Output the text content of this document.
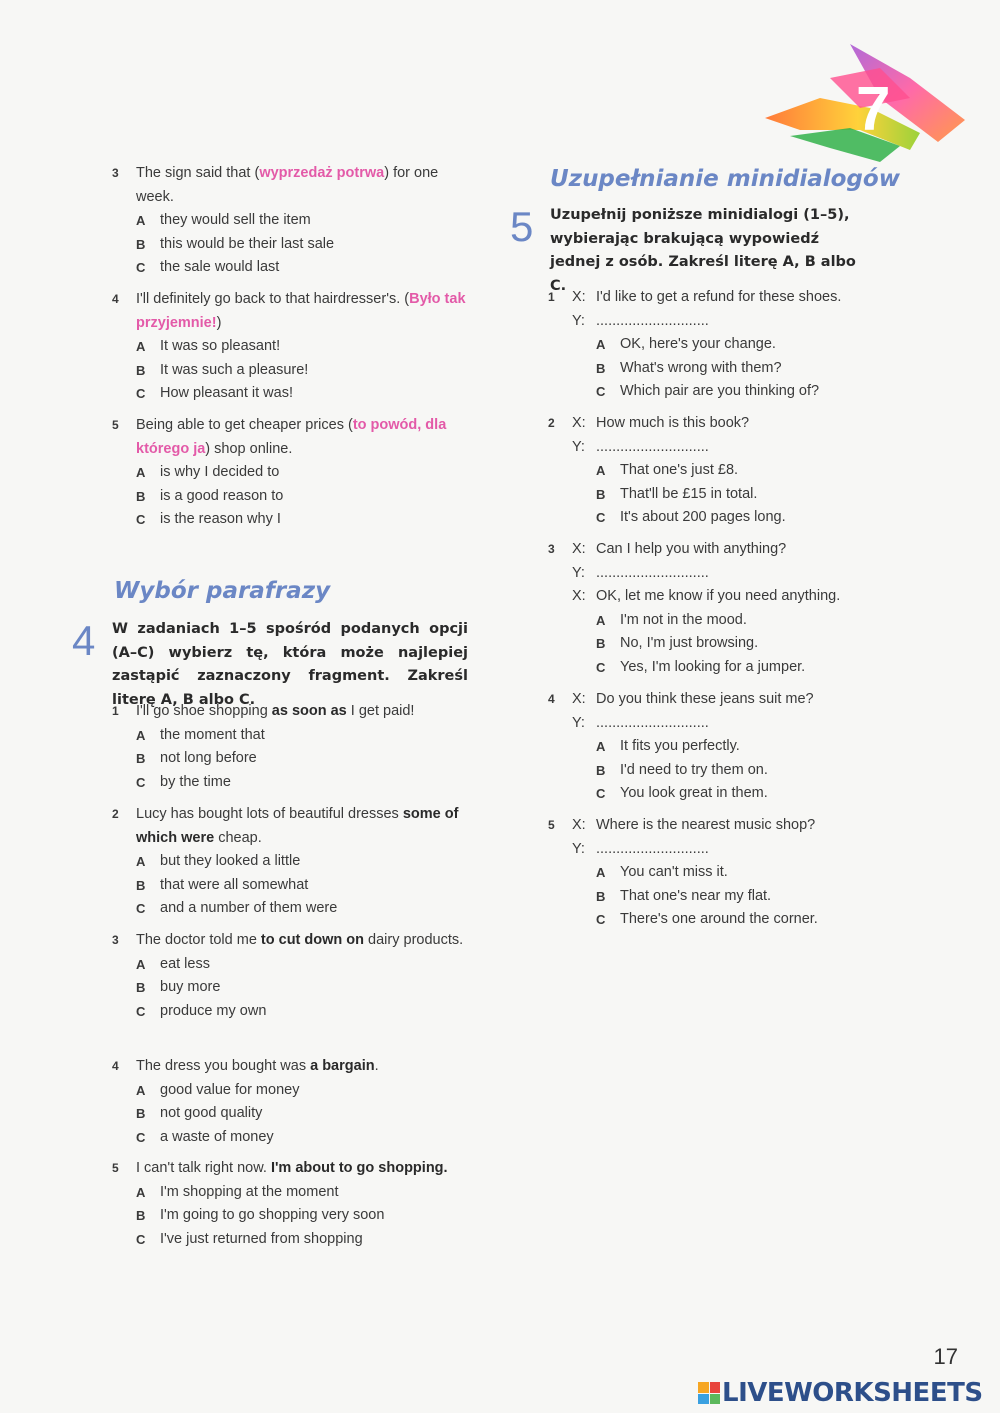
7
3	The sign said that (wyprzedaż potrwa) for one week.
A	they would sell the item
B	this would be their last sale
C	the sale would last
4	I'll definitely go back to that hairdresser's. (Było tak przyjemnie!)
A	It was so pleasant!
B	It was such a pleasure!
C	How pleasant it was!
5	Being able to get cheaper prices (to powód, dla którego ja) shop online.
A	is why I decided to
B	is a good reason to
C	is the reason why I
Wybór parafrazy
4 W zadaniach 1–5 spośród podanych opcji (A–C) wybierz tę, która może najlepiej zastąpić zaznaczony fragment. Zakreśl literę A, B albo C.
1	I'll go shoe shopping as soon as I get paid!
A	the moment that
B	not long before
C	by the time
2	Lucy has bought lots of beautiful dresses some of which were cheap.
A	but they looked a little
B	that were all somewhat
C	and a number of them were
3	The doctor told me to cut down on dairy products.
A	eat less
B	buy more
C	produce my own
4	The dress you bought was a bargain.
A	good value for money
B	not good quality
C	a waste of money
5	I can't talk right now. I'm about to go shopping.
A	I'm shopping at the moment
B	I'm going to go shopping very soon
C	I've just returned from shopping
Uzupełnianie minidialogów
5 Uzupełnij poniższe minidialogi (1–5), wybierając brakującą wypowiedź jednej z osób. Zakreśl literę A, B albo C.
1	X: I'd like to get a refund for these shoes.
Y: ............................
A	OK, here's your change.
B	What's wrong with them?
C	Which pair are you thinking of?
2	X: How much is this book?
Y: ............................
A	That one's just £8.
B	That'll be £15 in total.
C	It's about 200 pages long.
3	X: Can I help you with anything?
Y: ............................
X: OK, let me know if you need anything.
A	I'm not in the mood.
B	No, I'm just browsing.
C	Yes, I'm looking for a jumper.
4	X: Do you think these jeans suit me?
Y: ............................
A	It fits you perfectly.
B	I'd need to try them on.
C	You look great in them.
5	X: Where is the nearest music shop?
Y: ............................
A	You can't miss it.
B	That one's near my flat.
C	There's one around the corner.
17
LIVEWORKSHEETS
